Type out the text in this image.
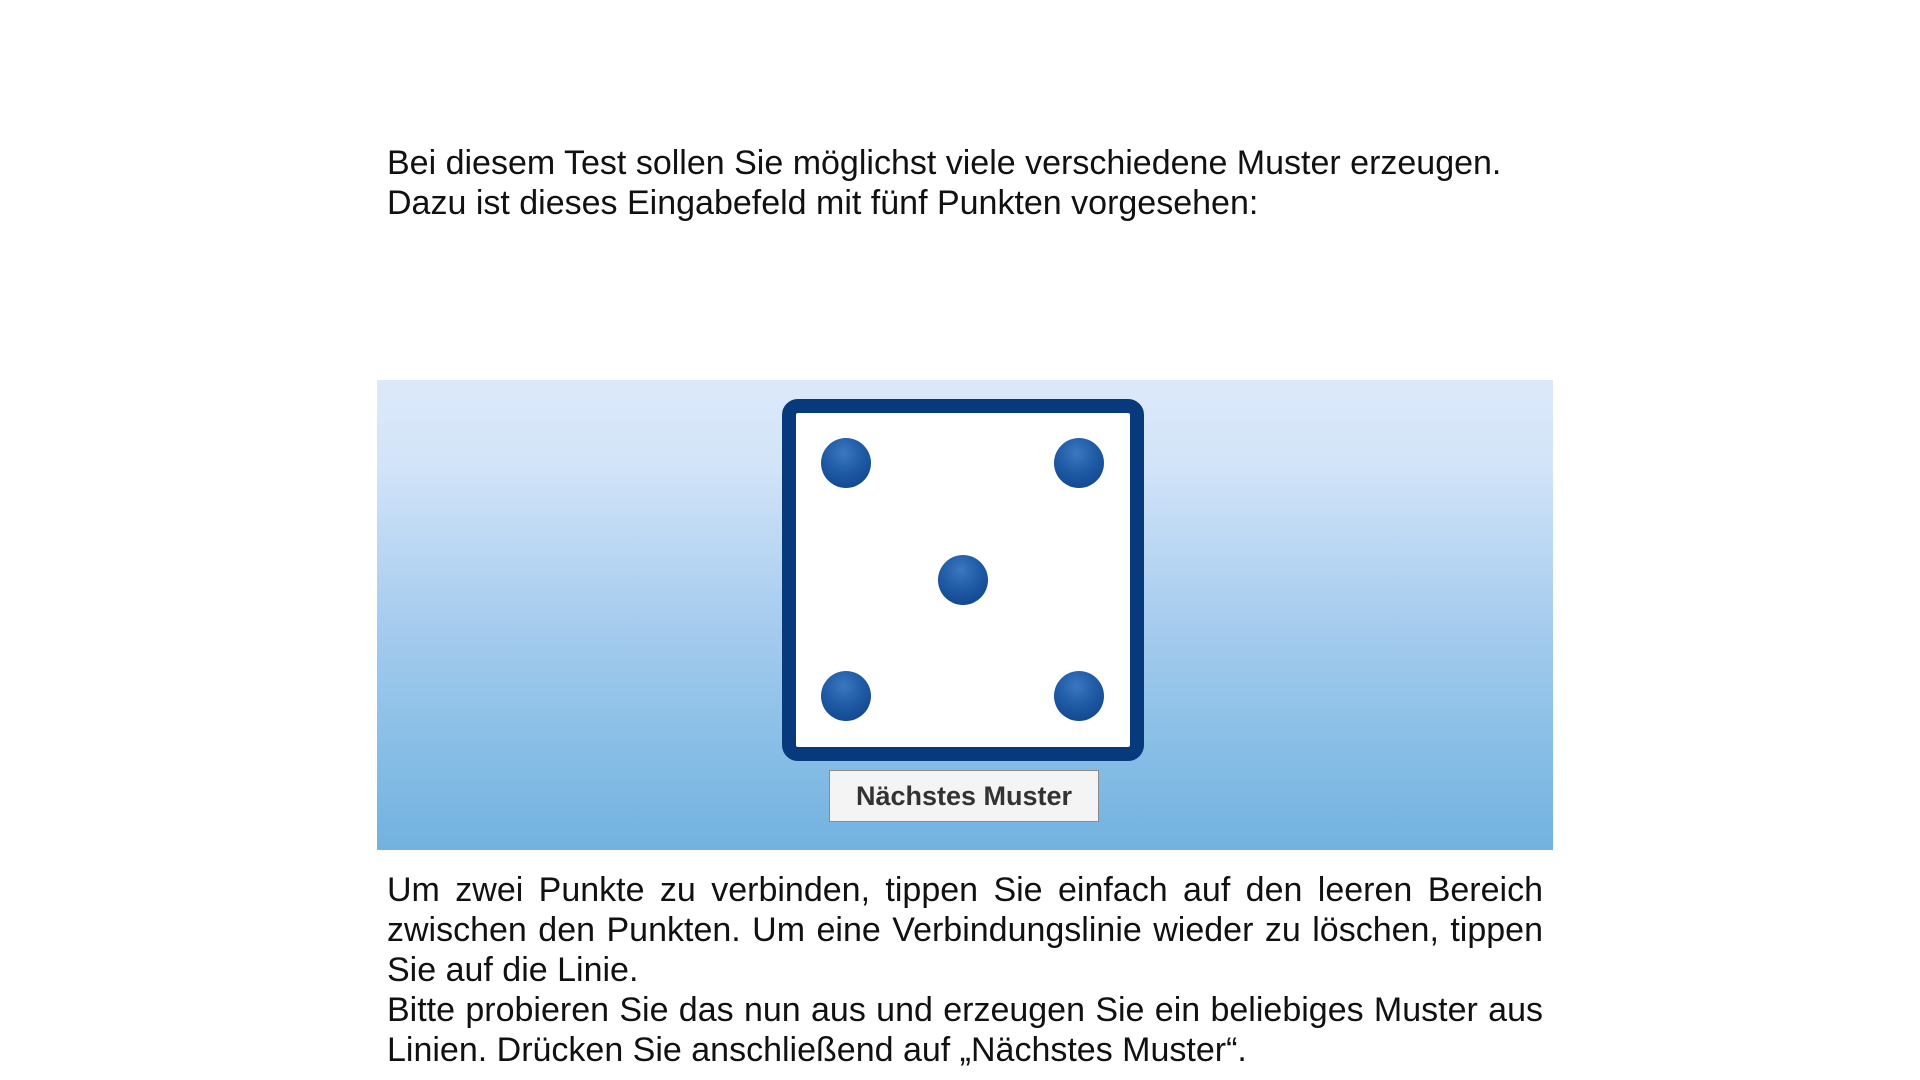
Bei diesem Test sollen Sie möglichst viele verschiedene Muster erzeugen.

Dazu ist dieses Eingabefeld mit fünf Punkten vorgesehen:

Nächstes Muster

Um zwei Punkte zu verbinden, tippen Sie einfach auf den leeren Bereich zwischen den Punkten. Um eine Verbindungslinie wieder zu löschen, tippen Sie auf die Linie.

Bitte probieren Sie das nun aus und erzeugen Sie ein beliebiges Muster aus Linien. Drücken Sie anschließend auf „Nächstes Muster“.
